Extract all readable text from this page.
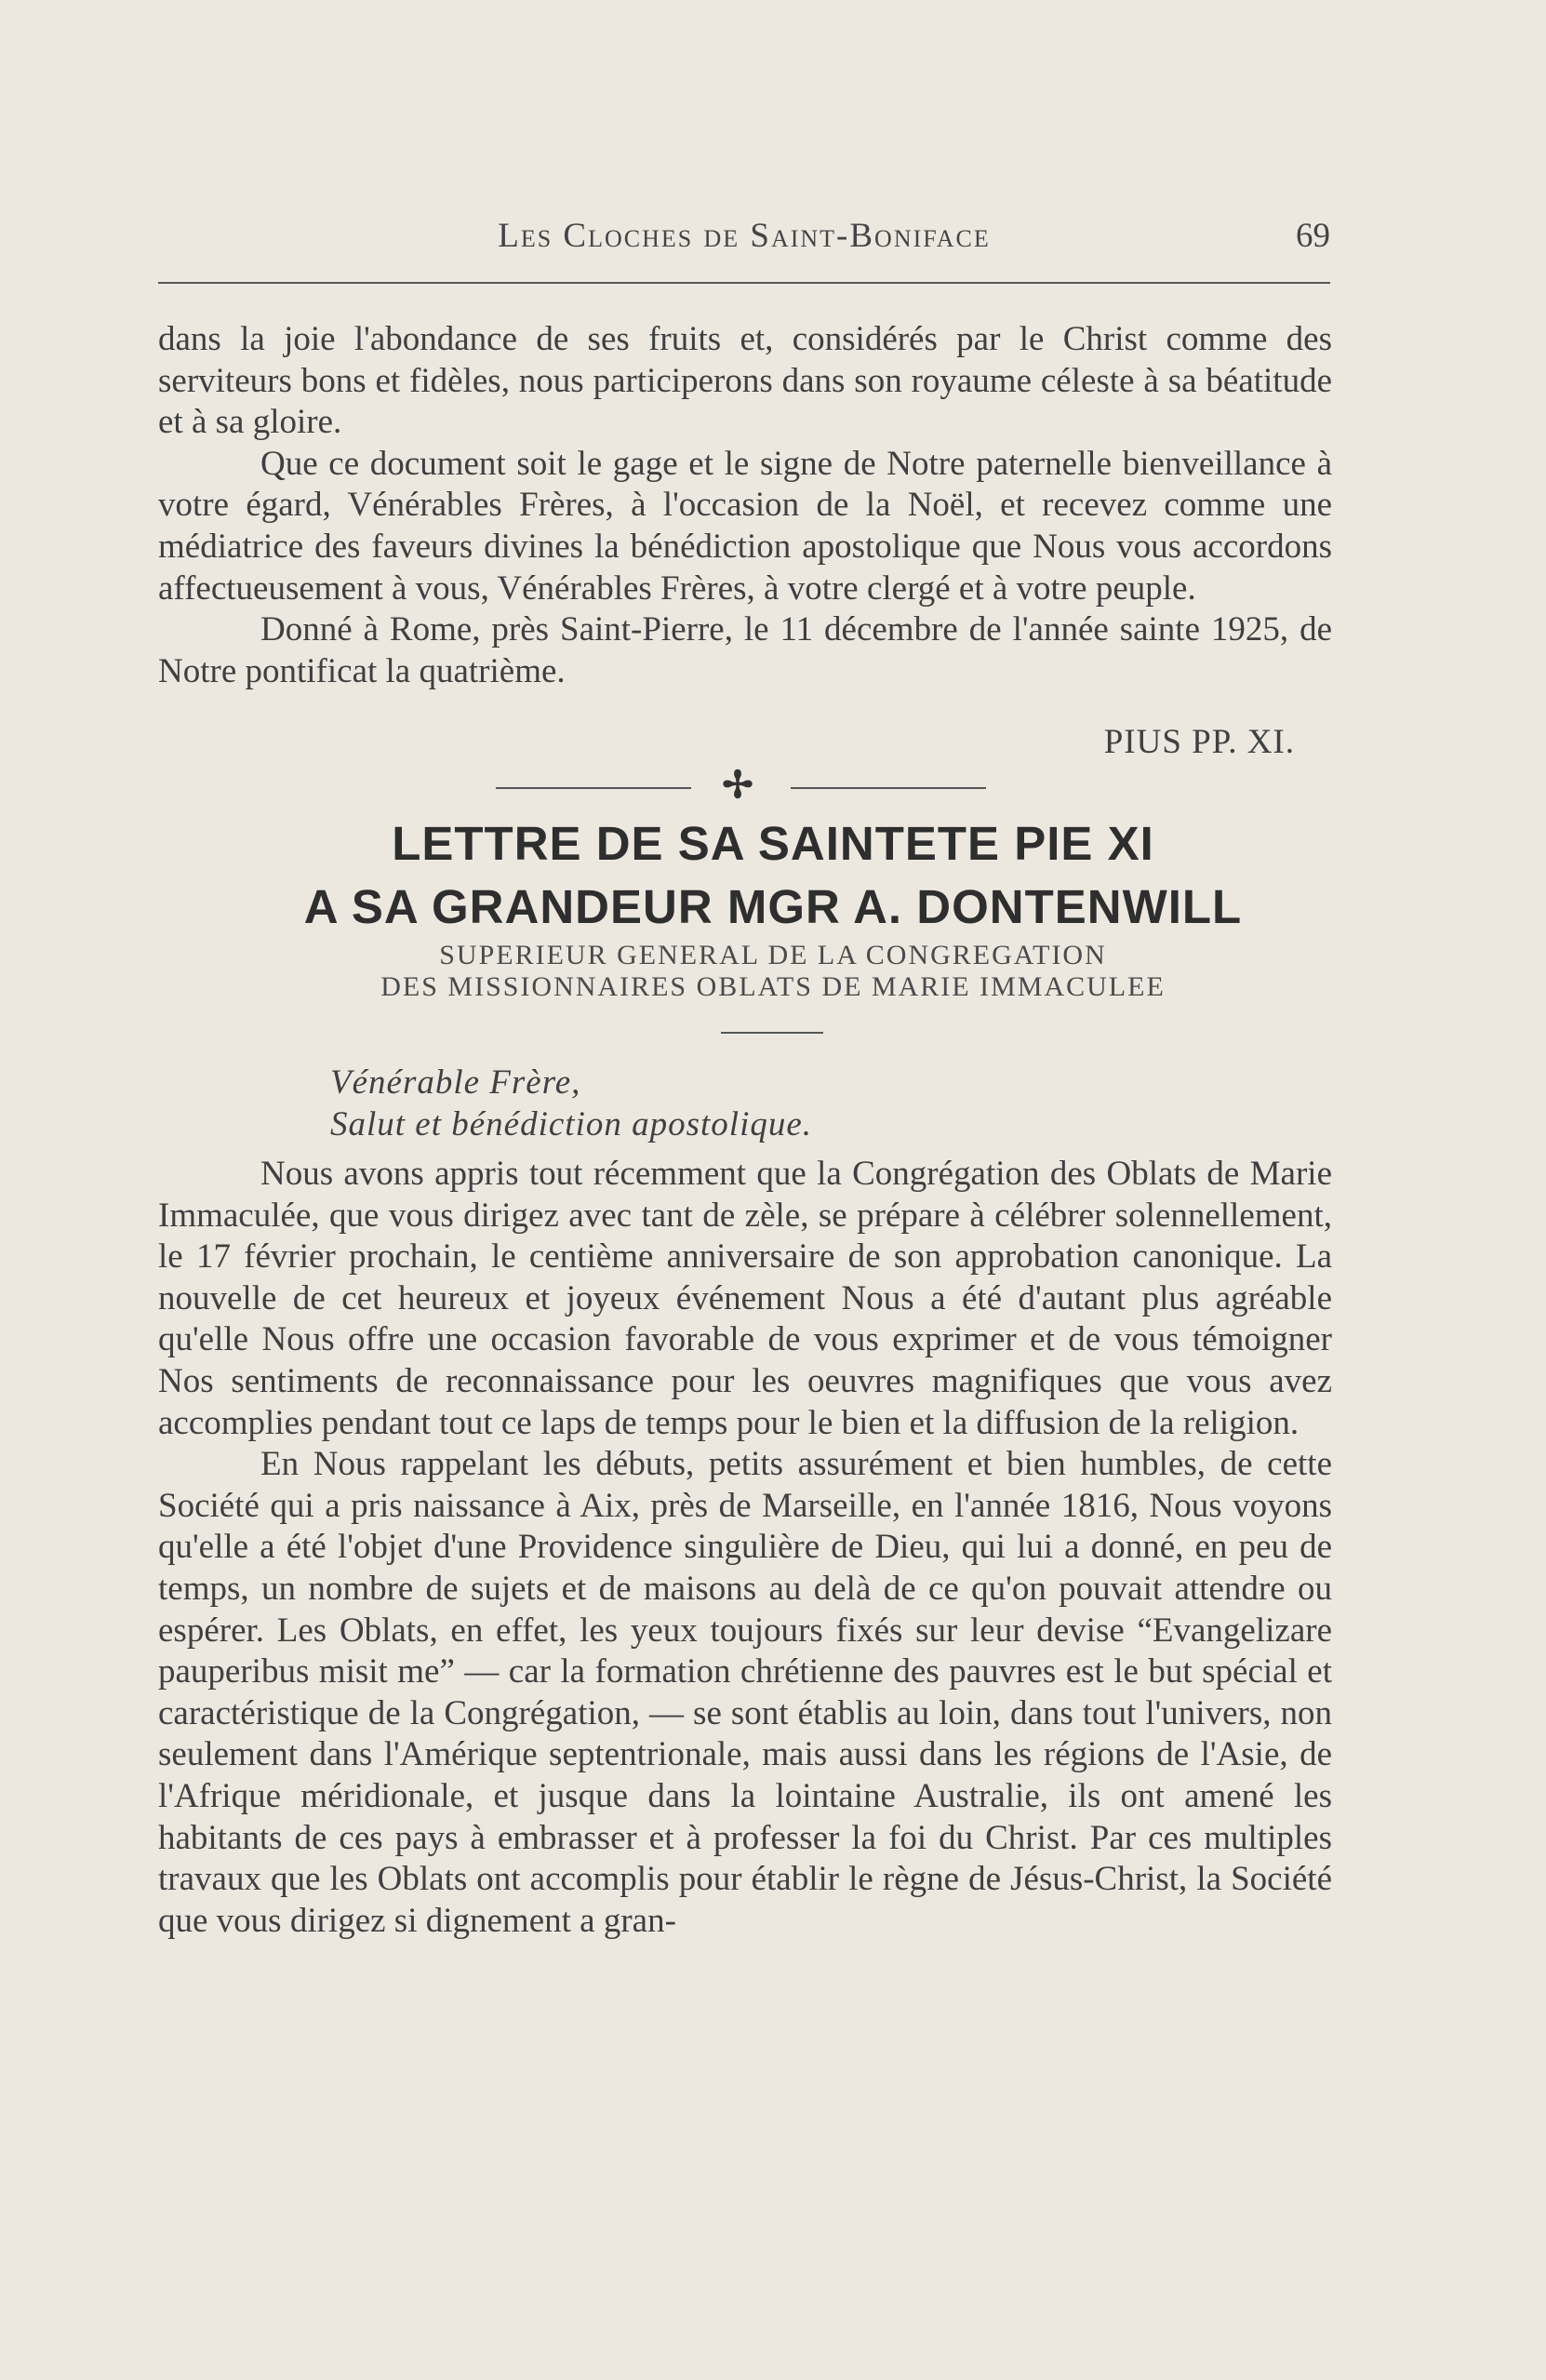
Les Cloches de Saint-Boniface	69

dans la joie l'abondance de ses fruits et, considérés par le Christ comme des serviteurs bons et fidèles, nous participerons dans son royaume céleste à sa béatitude et à sa gloire.

Que ce document soit le gage et le signe de Notre paternelle bienveillance à votre égard, Vénérables Frères, à l'occasion de la Noël, et recevez comme une médiatrice des faveurs divines la bénédiction apostolique que Nous vous accordons affectueusement à vous, Vénérables Frères, à votre clergé et à votre peuple.

Donné à Rome, près Saint-Pierre, le 11 décembre de l'année sainte 1925, de Notre pontificat la quatrième.

PIUS PP. XI.
✢
LETTRE DE SA SAINTETE PIE XI
A SA GRANDEUR MGR A. DONTENWILL
SUPERIEUR GENERAL DE LA CONGREGATION
DES MISSIONNAIRES OBLATS DE MARIE IMMACULEE
Vénérable Frère,
Salut et bénédiction apostolique.

Nous avons appris tout récemment que la Congrégation des Oblats de Marie Immaculée, que vous dirigez avec tant de zèle, se prépare à célébrer solennellement, le 17 février prochain, le centième anniversaire de son approbation canonique. La nouvelle de cet heureux et joyeux événement Nous a été d'autant plus agréable qu'elle Nous offre une occasion favorable de vous exprimer et de vous témoigner Nos sentiments de reconnaissance pour les oeuvres magnifiques que vous avez accomplies pendant tout ce laps de temps pour le bien et la diffusion de la religion.

En Nous rappelant les débuts, petits assurément et bien humbles, de cette Société qui a pris naissance à Aix, près de Marseille, en l'année 1816, Nous voyons qu'elle a été l'objet d'une Providence singulière de Dieu, qui lui a donné, en peu de temps, un nombre de sujets et de maisons au delà de ce qu'on pouvait attendre ou espérer. Les Oblats, en effet, les yeux toujours fixés sur leur devise “Evangelizare pauperibus misit me” — car la formation chrétienne des pauvres est le but spécial et caractéristique de la Congrégation, — se sont établis au loin, dans tout l'univers, non seulement dans l'Amérique septentrionale, mais aussi dans les régions de l'Asie, de l'Afrique méridionale, et jusque dans la lointaine Australie, ils ont amené les habitants de ces pays à embrasser et à professer la foi du Christ. Par ces multiples travaux que les Oblats ont accomplis pour établir le règne de Jésus-Christ, la Société que vous dirigez si dignement a gran-
